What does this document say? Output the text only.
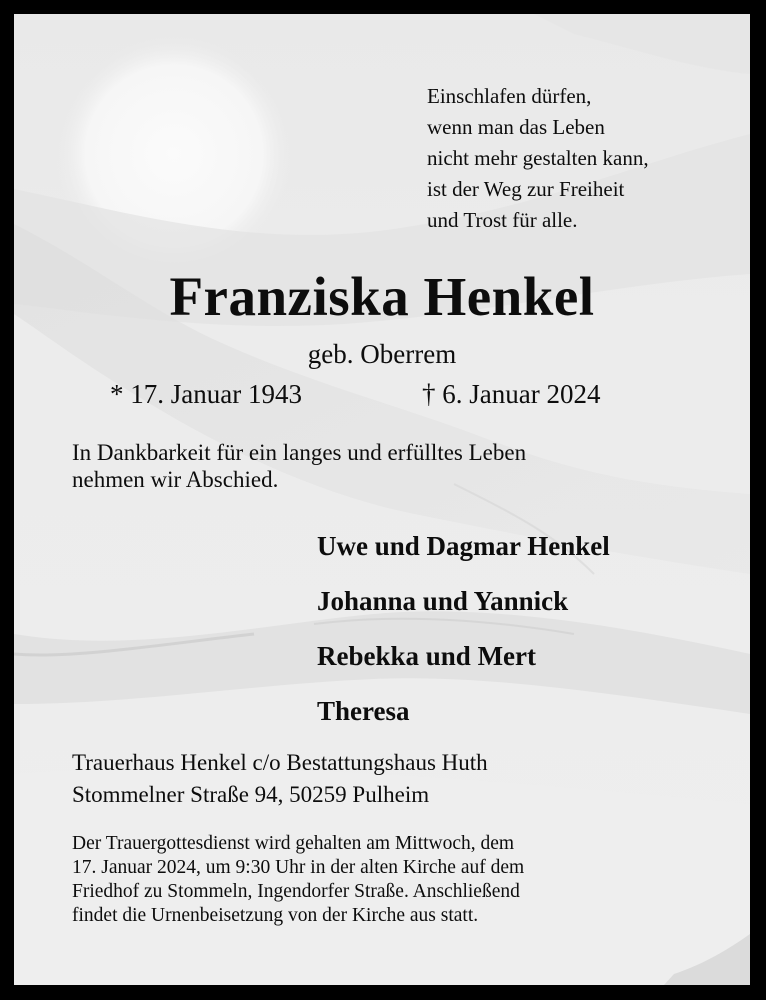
Einschlafen dürfen,
wenn man das Leben
nicht mehr gestalten kann,
ist der Weg zur Freiheit
und Trost für alle.
Franziska Henkel
geb. Oberrem
* 17. Januar 1943	† 6. Januar 2024
In Dankbarkeit für ein langes und erfülltes Leben
nehmen wir Abschied.
Uwe und Dagmar Henkel
Johanna und Yannick
Rebekka und Mert
Theresa
Trauerhaus Henkel c/o Bestattungshaus Huth
Stommelner Straße 94, 50259 Pulheim
Der Trauergottesdienst wird gehalten am Mittwoch, dem
17. Januar 2024, um 9:30 Uhr in der alten Kirche auf dem
Friedhof zu Stommeln, Ingendorfer Straße. Anschließend
findet die Urnenbeisetzung von der Kirche aus statt.
